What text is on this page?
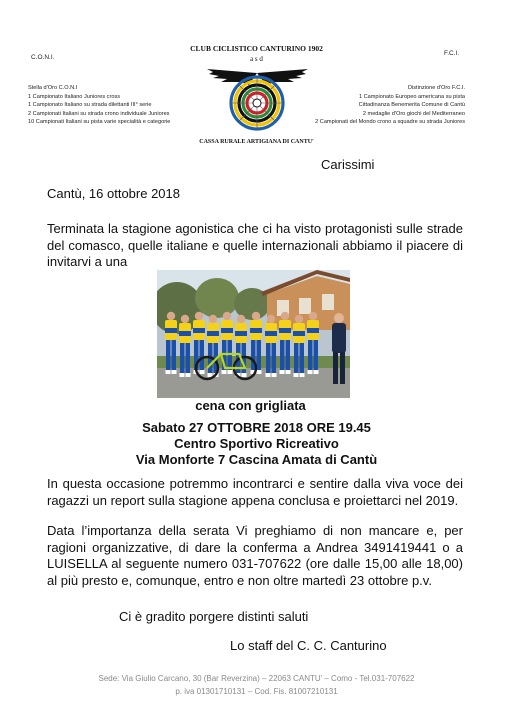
C.O.N.I.
F.C.I.
CLUB CICLISTICO CANTURINO 1902
a s d
Stella d'Oro C.O.N.I
1 Campionato Italiano Juniores cross
1 Campionato Italiano su strada dilettanti III° serie
2 Campionati Italiani su strada crono individuale Juniores
10 Campionati Italiani su pista varie specialità e categorie
Distinzione d'Oro F.C.I.
1 Campionato Europeo americana su pista
Cittadinanza Benemerita Comune di Cantù
2 medaglie d'Oro giochi del Mediterraneo
2 Campionati del Mondo crono a squadre su strada Juniores
CASSA RURALE ARTIGIANA DI CANTU'
Carissimi
Cantù, 16 ottobre 2018
Terminata la stagione agonistica che ci ha visto protagonisti sulle strade del comasco, quelle italiane e quelle internazionali abbiamo il piacere di invitarvi a una
cena con grigliata
Sabato 27 OTTOBRE 2018 ORE 19.45
Centro Sportivo Ricreativo
Via Monforte 7 Cascina Amata di Cantù
In questa occasione potremmo incontrarci e sentire dalla viva voce dei ragazzi un report sulla stagione appena conclusa e proiettarci nel 2019.
Data l’importanza della serata Vi preghiamo di non mancare e, per ragioni organizzative, di dare la conferma a Andrea 3491419441 o a LUISELLA al seguente numero 031-707622 (ore dalle 15,00 alle 18,00) al più presto e, comunque, entro e non oltre martedì 23 ottobre p.v.
Ci è gradito porgere distinti saluti
Lo staff del C. C. Canturino
Sede: Via Giulio Carcano, 30 (Bar Reverzina) – 22063 CANTU’ – Como - Tel.031-707622
p. iva 01301710131 – Cod. Fis. 81007210131
